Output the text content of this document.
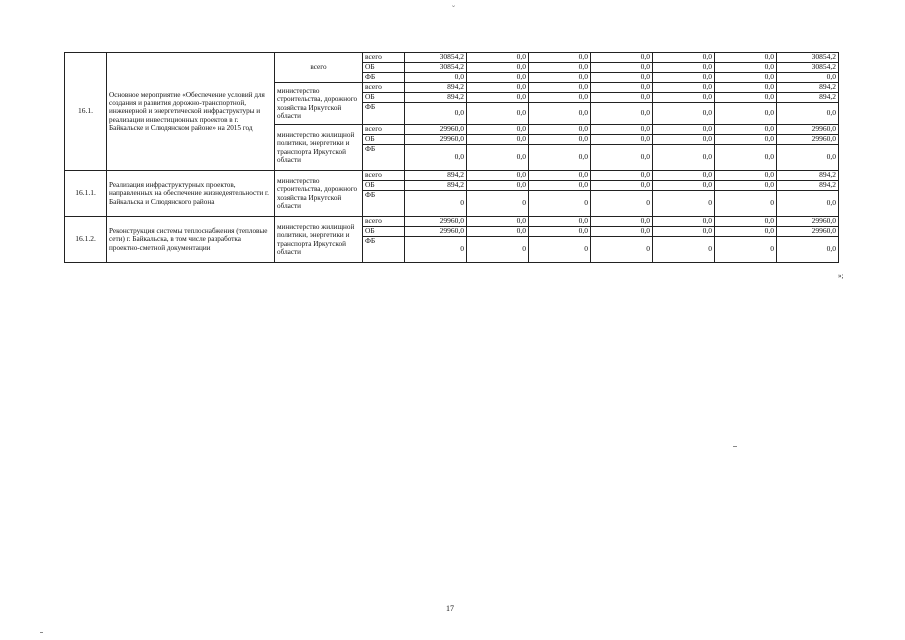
˘
16.1.	Основное мероприятие «Обеспечение условий для создания и развития дорожно-транспортной, инженерной и энергетической инфраструктуры и реализации инвестиционных проектов в г. Байкальске и Слюдянском районе» на 2015 год	всего	всего	30854,2	0,0	0,0	0,0	0,0	0,0	30854,2
			ОБ	30854,2	0,0	0,0	0,0	0,0	0,0	30854,2
			ФБ	0,0	0,0	0,0	0,0	0,0	0,0	0,0
		министерство строительства, дорожного хозяйства Иркутской области	всего	894,2	0,0	0,0	0,0	0,0	0,0	894,2
			ОБ	894,2	0,0	0,0	0,0	0,0	0,0	894,2
			ФБ	0,0	0,0	0,0	0,0	0,0	0,0	0,0
		министерство жилищной политики, энергетики и транспорта Иркутской области	всего	29960,0	0,0	0,0	0,0	0,0	0,0	29960,0
			ОБ	29960,0	0,0	0,0	0,0	0,0	0,0	29960,0
			ФБ	0,0	0,0	0,0	0,0	0,0	0,0	0,0
16.1.1.	Реализация инфраструктурных проектов, направленных на обеспечение жизнедеятельности г. Байкальска и Слюдянского района	министерство строительства, дорожного хозяйства Иркутской области	всего	894,2	0,0	0,0	0,0	0,0	0,0	894,2
			ОБ	894,2	0,0	0,0	0,0	0,0	0,0	894,2
			ФБ	0	0	0	0	0	0	0,0
16.1.2.	Реконструкция системы теплоснабжения (тепловые сети) г. Байкальска, в том числе разработка проектно-сметной документации	министерство жилищной политики, энергетики и транспорта Иркутской области	всего	29960,0	0,0	0,0	0,0	0,0	0,0	29960,0
			ОБ	29960,0	0,0	0,0	0,0	0,0	0,0	29960,0
			ФБ	0	0	0	0	0	0	0,0
»;
17
